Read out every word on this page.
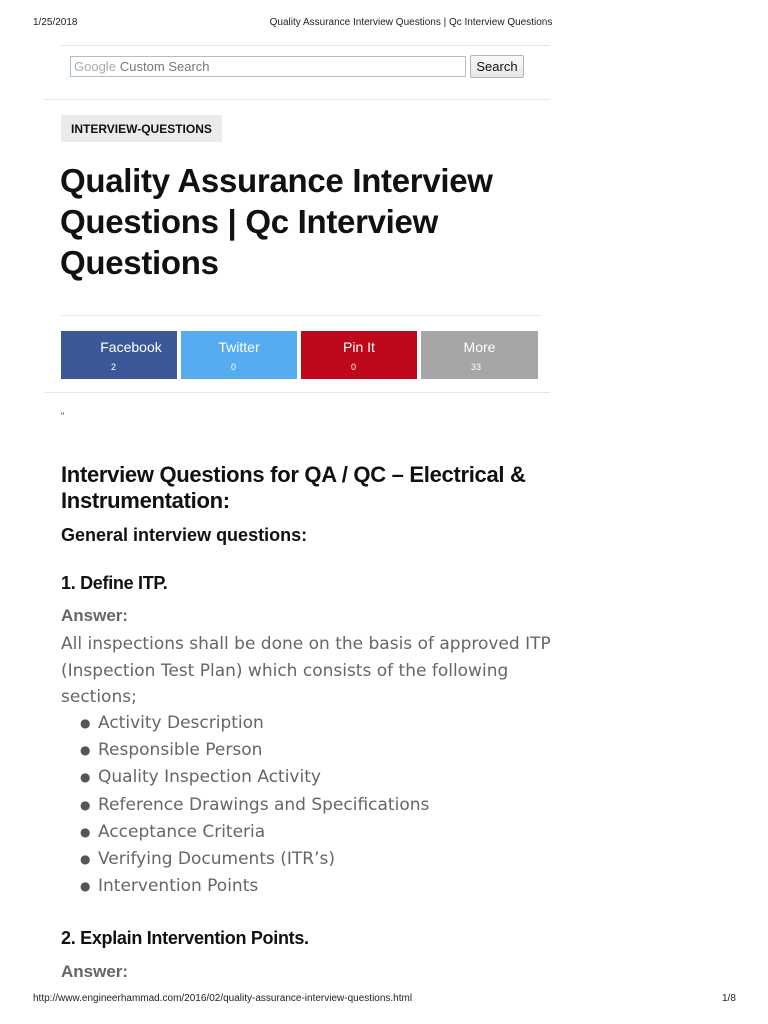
1/25/2018	Quality Assurance Interview Questions | Qc Interview Questions
Google Custom Search	Search
INTERVIEW-QUESTIONS
Quality Assurance Interview Questions | Qc Interview Questions
Facebook
2
Twitter
0
Pin It
0
More
33
"
Interview Questions for QA / QC – Electrical & Instrumentation:
General interview questions:
1. Define ITP.
Answer:

All inspections shall be done on the basis of approved ITP (Inspection Test Plan) which consists of the following sections;

● Activity Description
● Responsible Person
● Quality Inspection Activity
● Reference Drawings and Specifications
● Acceptance Criteria
● Verifying Documents (ITR’s)
● Intervention Points
2. Explain Intervention Points.
Answer:
http://www.engineerhammad.com/2016/02/quality-assurance-interview-questions.html	1/8
